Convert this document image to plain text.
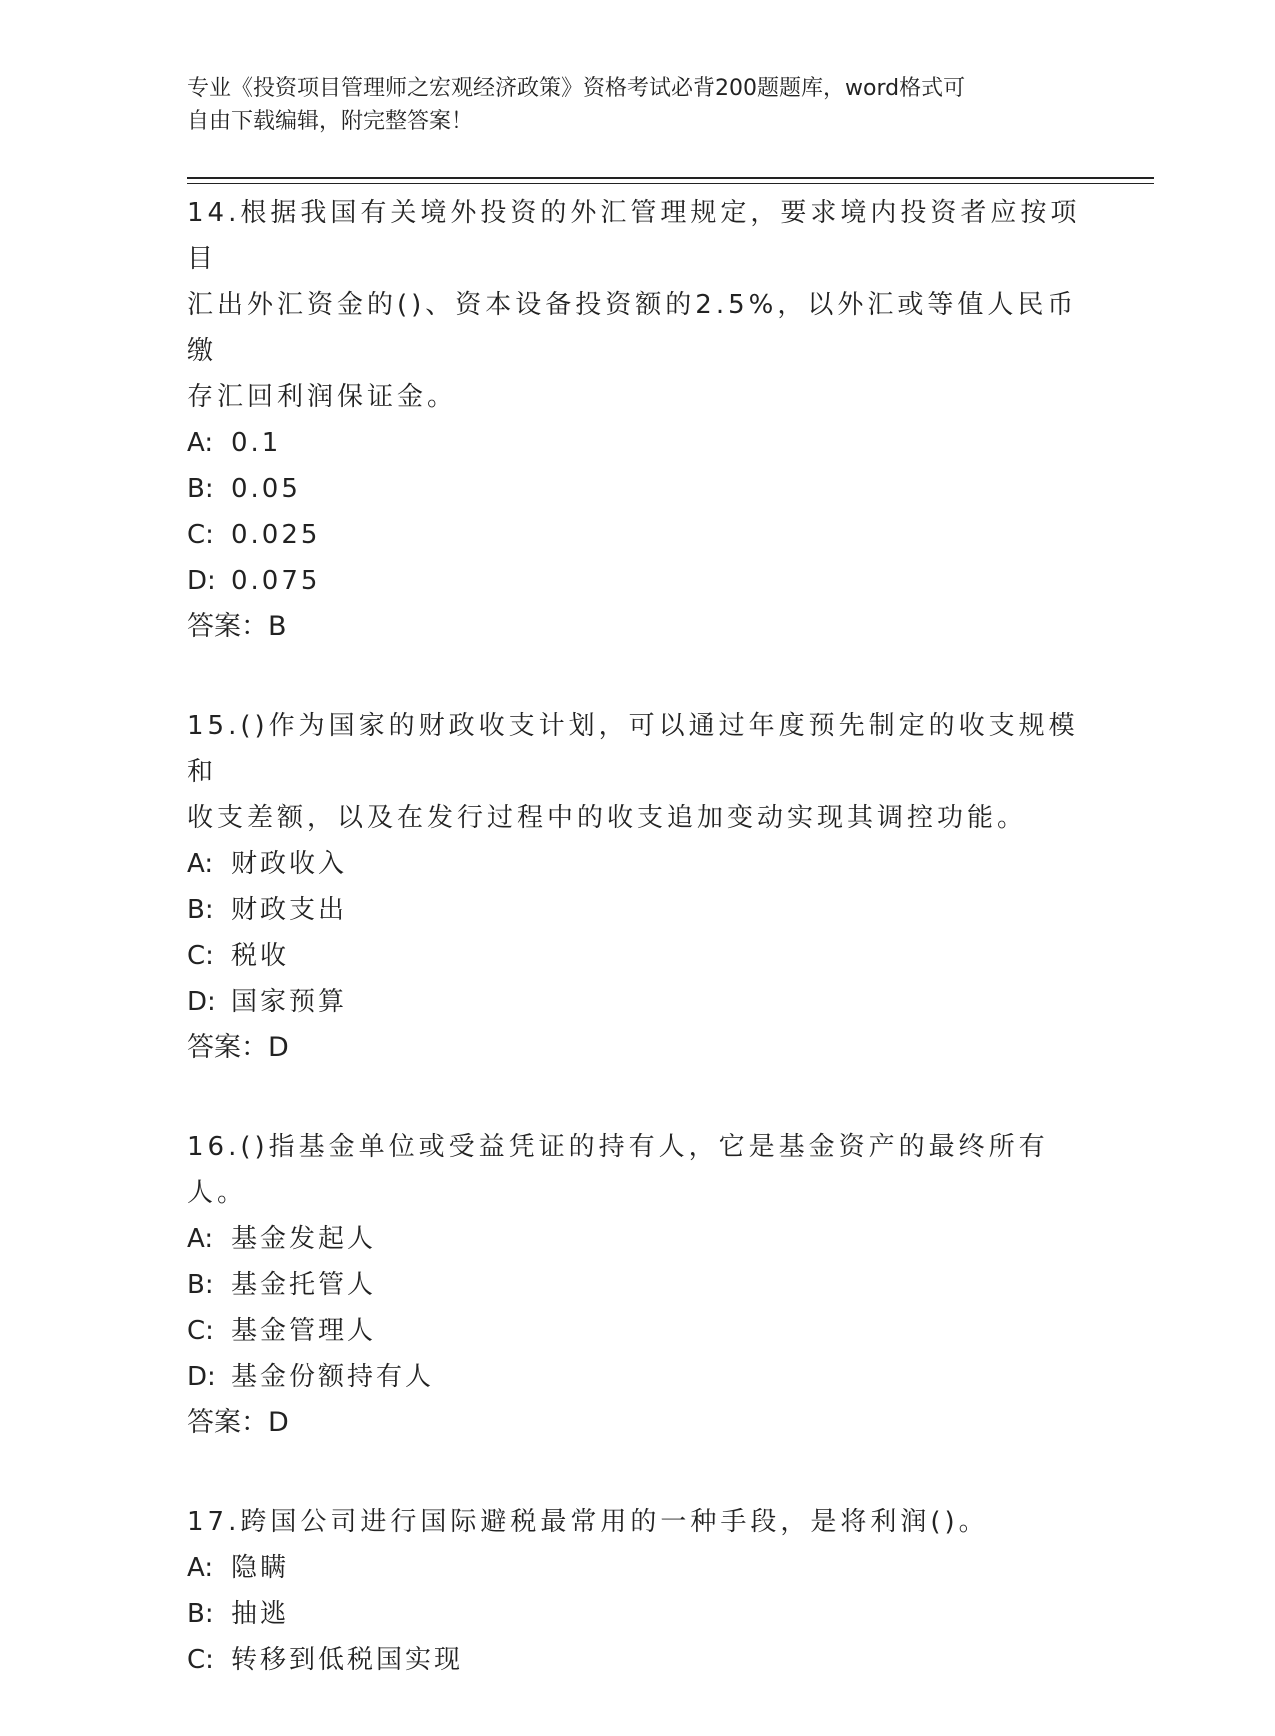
专业《投资项目管理师之宏观经济政策》资格考试必背200题题库，word格式可
自由下载编辑，附完整答案！
14.根据我国有关境外投资的外汇管理规定，要求境内投资者应按项目
汇出外汇资金的()、资本设备投资额的2.5%，以外汇或等值人民币缴
存汇回利润保证金。
A: 0.1
B: 0.05
C: 0.025
D: 0.075
答案：B
15.()作为国家的财政收支计划，可以通过年度预先制定的收支规模和
收支差额，以及在发行过程中的收支追加变动实现其调控功能。
A: 财政收入
B: 财政支出
C: 税收
D: 国家预算
答案：D
16.()指基金单位或受益凭证的持有人，它是基金资产的最终所有人。
A: 基金发起人
B: 基金托管人
C: 基金管理人
D: 基金份额持有人
答案：D
17.跨国公司进行国际避税最常用的一种手段，是将利润()。
A: 隐瞒
B: 抽逃
C: 转移到低税国实现
